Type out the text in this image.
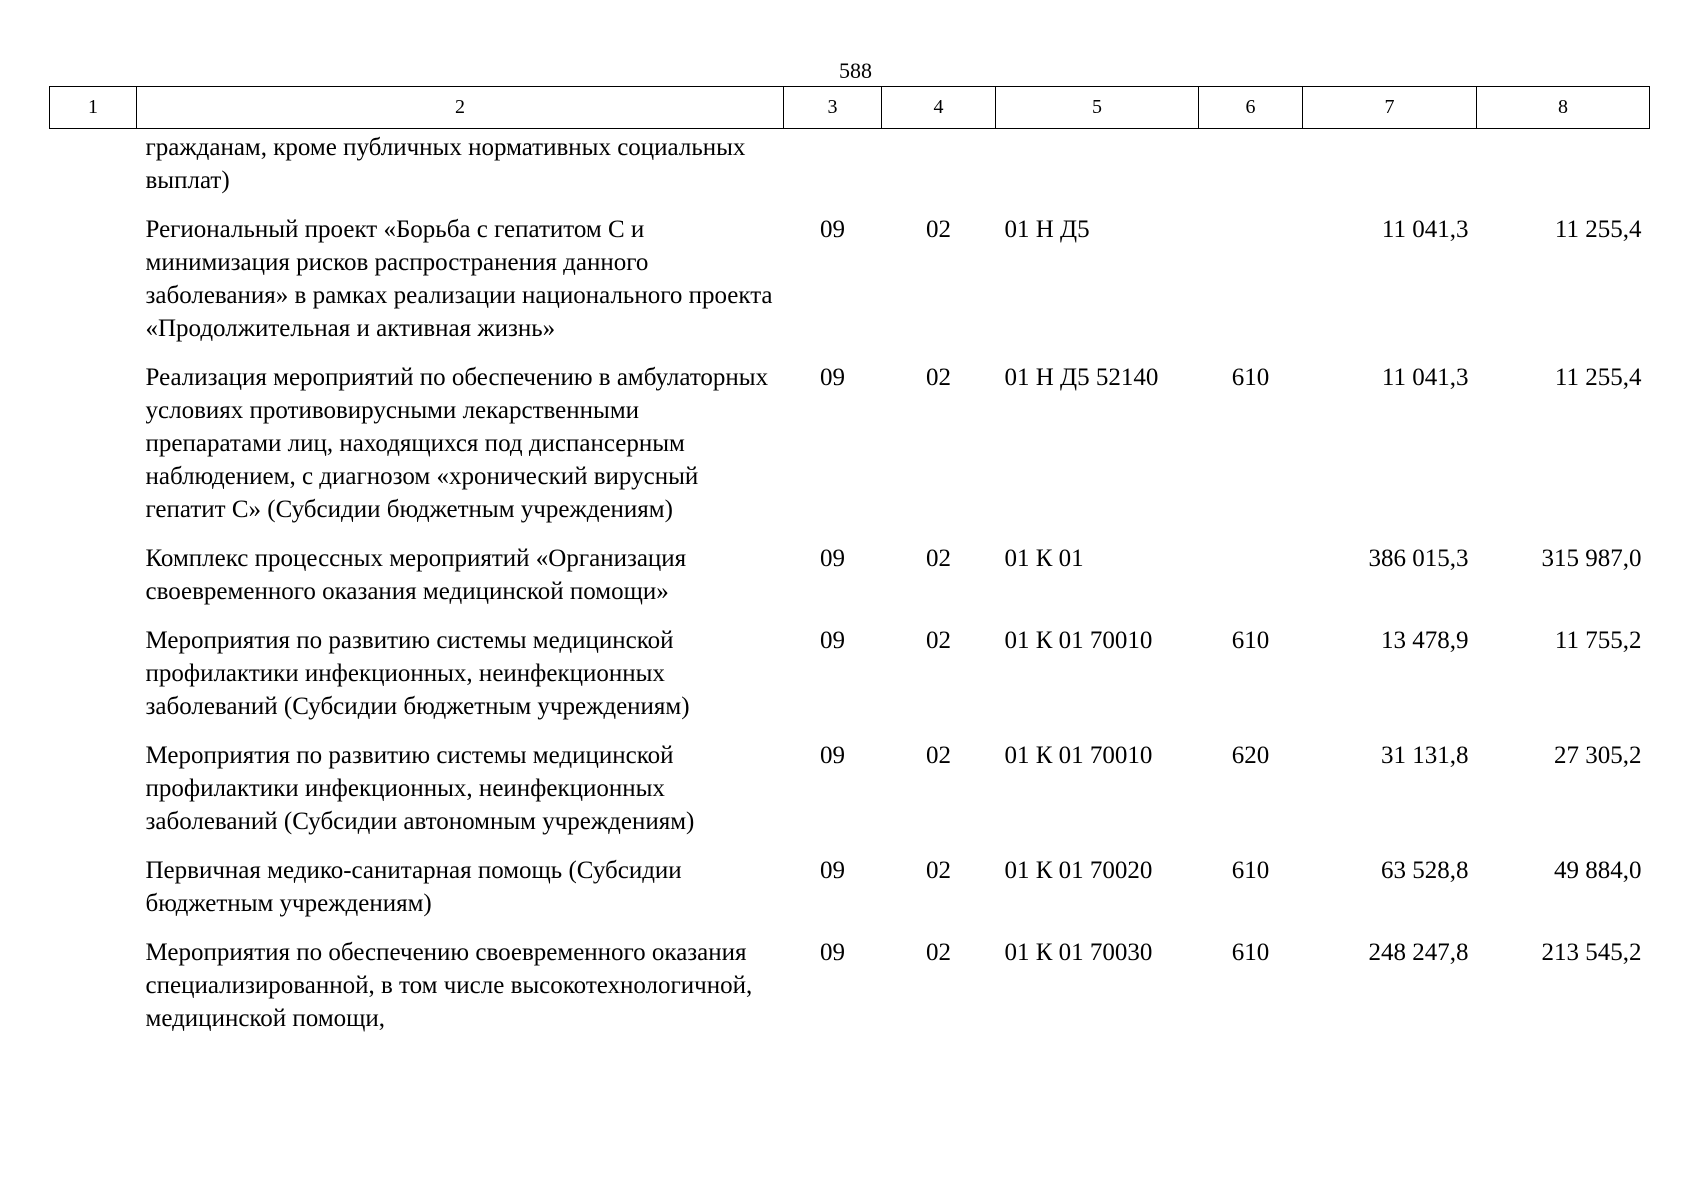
588
1	2	3	4	5	6	7	8
	гражданам, кроме публичных нормативных социальных выплат)						
	Региональный проект «Борьба с гепатитом С и минимизация рисков распространения данного заболевания» в рамках реализации национального проекта «Продолжительная и активная жизнь»	09	02	01 Н Д5		11 041,3	11 255,4
	Реализация мероприятий по обеспечению в амбулаторных условиях противовирусными лекарственными препаратами лиц, находящихся под диспансерным наблюдением, с диагнозом «хронический вирусный гепатит С» (Субсидии бюджетным учреждениям)	09	02	01 Н Д5 52140	610	11 041,3	11 255,4
	Комплекс процессных мероприятий «Организация своевременного оказания медицинской помощи»	09	02	01 К 01		386 015,3	315 987,0
	Мероприятия по развитию системы медицинской профилактики инфекционных, неинфекционных заболеваний (Субсидии бюджетным учреждениям)	09	02	01 К 01 70010	610	13 478,9	11 755,2
	Мероприятия по развитию системы медицинской профилактики инфекционных, неинфекционных заболеваний (Субсидии автономным учреждениям)	09	02	01 К 01 70010	620	31 131,8	27 305,2
	Первичная медико-санитарная помощь (Субсидии бюджетным учреждениям)	09	02	01 К 01 70020	610	63 528,8	49 884,0
	Мероприятия по обеспечению своевременного оказания специализированной, в том числе высокотехнологичной, медицинской помощи,	09	02	01 К 01 70030	610	248 247,8	213 545,2
